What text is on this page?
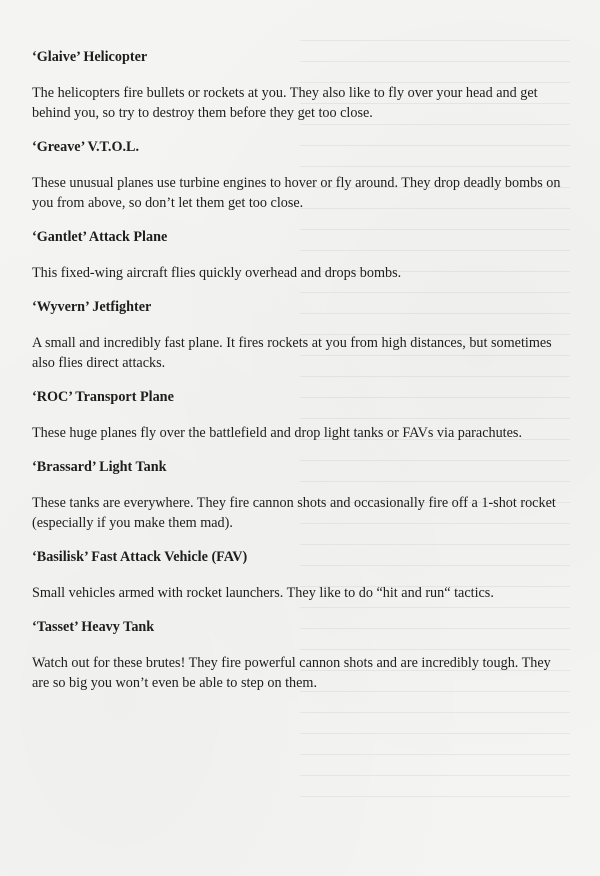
‘Glaive’ Helicopter
The helicopters fire bullets or rockets at you. They also like to fly over your head and get behind you, so try to destroy them before they get too close.
‘Greave’ V.T.O.L.
These unusual planes use turbine engines to hover or fly around. They drop deadly bombs on you from above, so don’t let them get too close.
‘Gantlet’ Attack Plane
This fixed-wing aircraft flies quickly overhead and drops bombs.
‘Wyvern’ Jetfighter
A small and incredibly fast plane. It fires rockets at you from high distances, but sometimes also flies direct attacks.
‘ROC’ Transport Plane
These huge planes fly over the battlefield and drop light tanks or FAVs via parachutes.
‘Brassard’ Light Tank
These tanks are everywhere. They fire cannon shots and occasionally fire off a 1-shot rocket (especially if you make them mad).
‘Basilisk’ Fast Attack Vehicle (FAV)
Small vehicles armed with rocket launchers. They like to do “hit and run“ tactics.
‘Tasset’ Heavy Tank
Watch out for these brutes! They fire powerful cannon shots and are incredibly tough. They are so big you won’t even be able to step on them.
